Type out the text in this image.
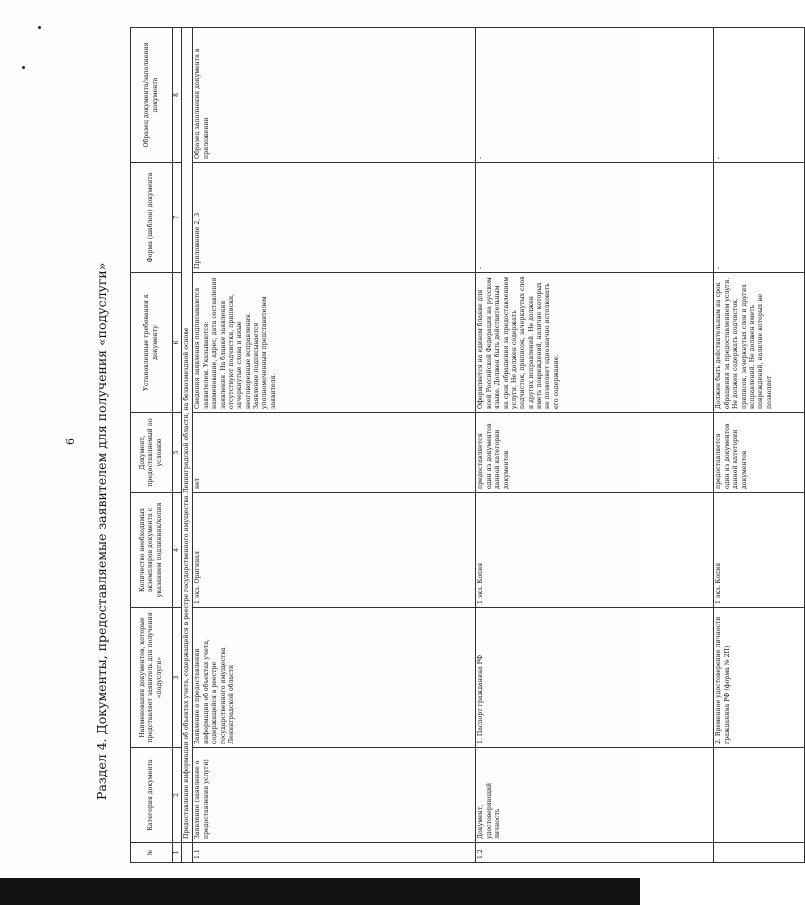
6 Раздел 4. Документы, предоставляемые заявителем для получения «подуслуги»
№	Категория документа	Наименования документов, которые представляет заявитель для получения «подуслуги»	Количество необходимых экземпляров документа с указанием подлинник/копия	Документ, предоставляемый по условию	Установленные требования к документу	Форма (шаблон) документа	Образец документа/заполнения документа
1	2	3	4	5	6	7	8
	Предоставление информации об объектах учета, содержащейся в реестре государственного имущества Ленинградской области, на безвозмездной основе						
1.1	Заявление (заявление о предоставлении услуги)	Заявление о предоставлении информации об объектах учета, содержащейся в реестре государственного имущества Ленинградской области	1 экз. Оригинал	нет	Сведения заявления подписываются заявителем. Указываются: наименование, адрес, дата составления заявления. На бланке заявления отсутствуют подчистки, приписки, зачеркнутые слова и иные неоговоренные исправления. Заявление подписывается уполномоченным представителем заявителя.	Приложение 2, 3	Образец заполнения документа в приложении
1.2	Документ, удостоверяющий личность	1. Паспорт гражданина РФ	1 экз. Копия	предоставляется один из документов данной категории документов	Оформляется на едином бланке для всей Российской Федерации на русском языке. Должен быть действительным на срок обращения за предоставлением услуги. Не должен содержать подчисток, приписок, зачеркнутых слов и других исправлений. Не должен иметь повреждений, наличие которых не позволяет однозначно истолковать его содержание.	-	-
		2. Временное удостоверение личности гражданина РФ (форма № 2П)	1 экз. Копия	предоставляется один из документов данной категории документов	Должен быть действительным на срок обращения за предоставлением услуги. Не должен содержать подчисток, приписок, зачеркнутых слов и других исправлений. Не должен иметь повреждений, наличие которых не позволяет	-	-
